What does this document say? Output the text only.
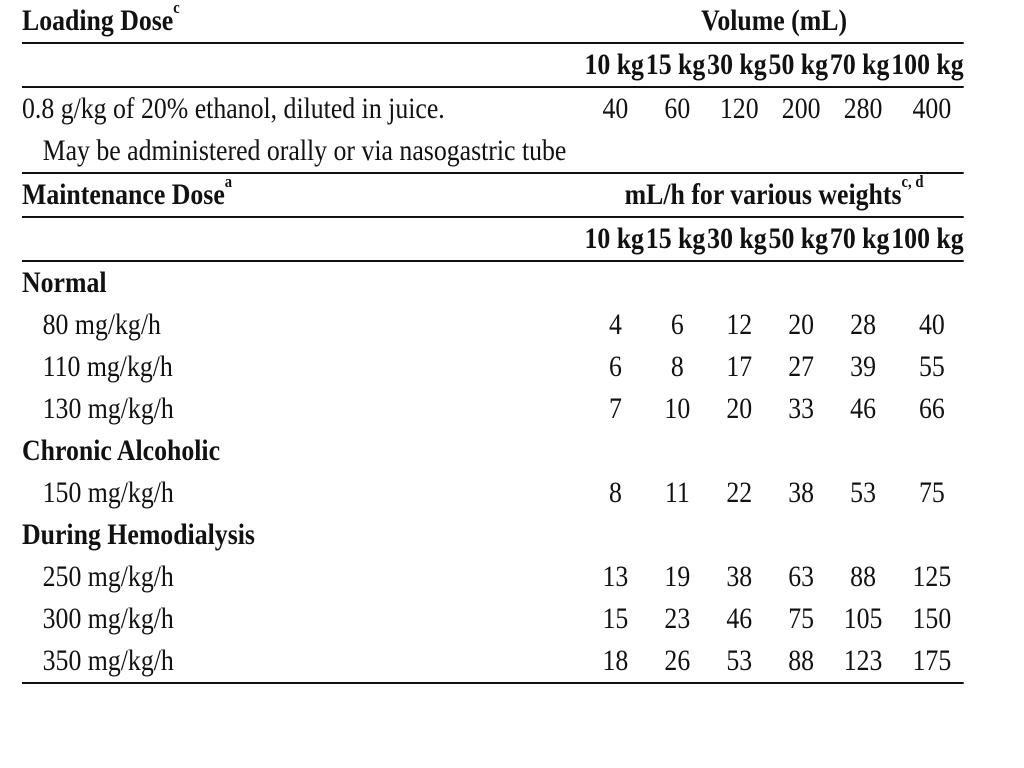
Loading Dose$^c$	Volume (mL)
10 kg 15 kg 30 kg 50 kg 70 kg 100 kg
0.8 g/kg of 20% ethanol, diluted in juice.	40	60 120 200 280	400
May be administered orally or via nasogastric tube
Maintenance Dose$^a$	mL/h for various weights$^{c, d}$
10 kg 15 kg 30 kg 50 kg 70 kg 100 kg
Normal
80 mg/kg/h	4	6	12	20	28	40
110 mg/kg/h	6	8	17	27	39	55
130 mg/kg/h	7	10	20	33	46	66
Chronic Alcoholic
150 mg/kg/h	8	11	22	38	53	75
During Hemodialysis
250 mg/kg/h	13	19	38	63	88	125
300 mg/kg/h	15	23	46	75 105	150
350 mg/kg/h	18	26	53	88 123	175
